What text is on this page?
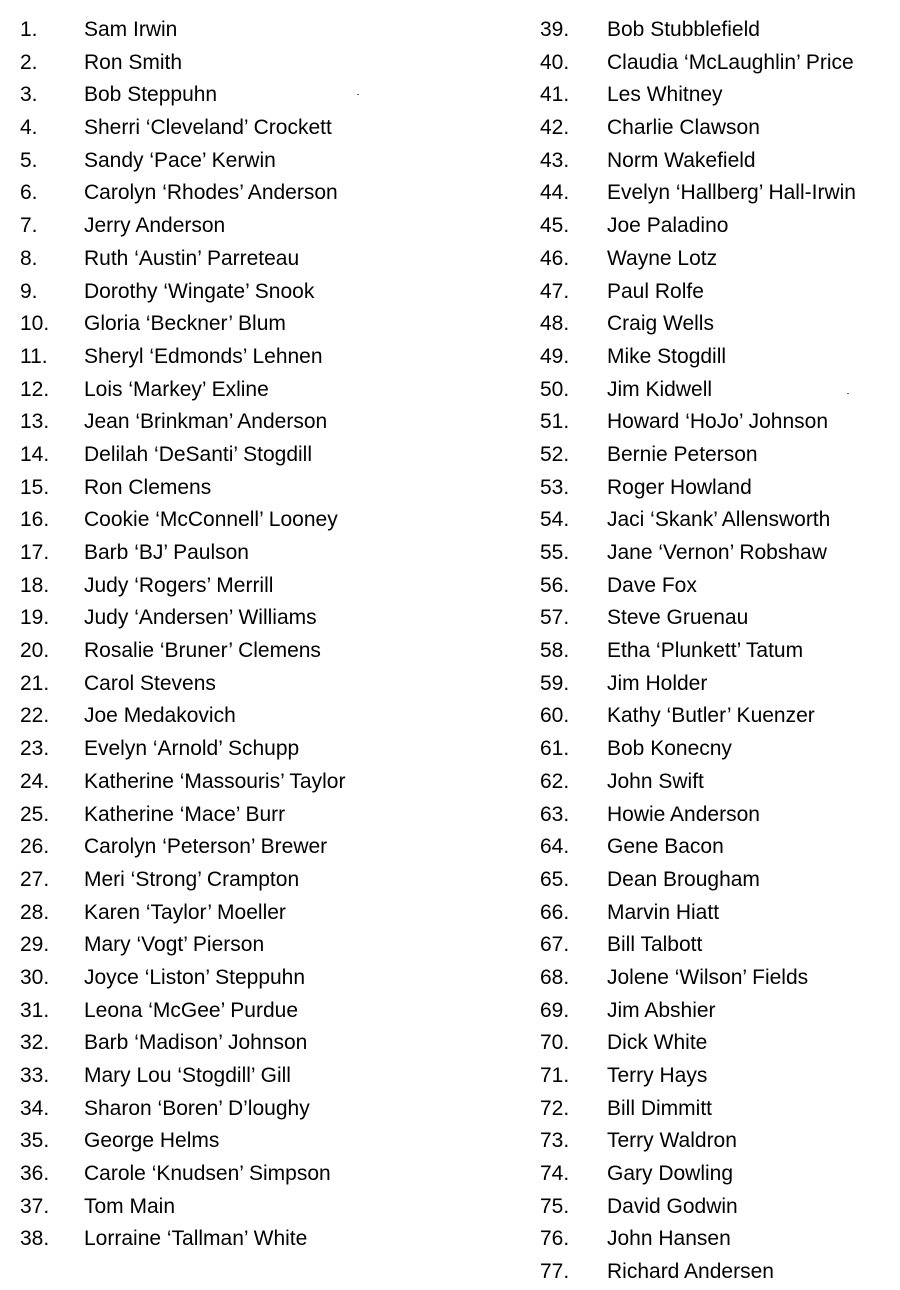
1. Sam Irwin
2. Ron Smith
3. Bob Steppuhn
4. Sherri ‘Cleveland’ Crockett
5. Sandy ‘Pace’ Kerwin
6. Carolyn ‘Rhodes’ Anderson
7. Jerry Anderson
8. Ruth ‘Austin’ Parreteau
9. Dorothy ‘Wingate’ Snook
10. Gloria ‘Beckner’ Blum
11. Sheryl ‘Edmonds’ Lehnen
12. Lois ‘Markey’ Exline
13. Jean ‘Brinkman’ Anderson
14. Delilah ‘DeSanti’ Stogdill
15. Ron Clemens
16. Cookie ‘McConnell’ Looney
17. Barb ‘BJ’ Paulson
18. Judy ‘Rogers’ Merrill
19. Judy ‘Andersen’ Williams
20. Rosalie ‘Bruner’ Clemens
21. Carol Stevens
22. Joe Medakovich
23. Evelyn ‘Arnold’ Schupp
24. Katherine ‘Massouris’ Taylor
25. Katherine ‘Mace’ Burr
26. Carolyn ‘Peterson’ Brewer
27. Meri ‘Strong’ Crampton
28. Karen ‘Taylor’ Moeller
29. Mary ‘Vogt’ Pierson
30. Joyce ‘Liston’ Steppuhn
31. Leona ‘McGee’ Purdue
32. Barb ‘Madison’ Johnson
33. Mary Lou ‘Stogdill’ Gill
34. Sharon ‘Boren’ D’loughy
35. George Helms
36. Carole ‘Knudsen’ Simpson
37. Tom Main
38. Lorraine ‘Tallman’ White
39. Bob Stubblefield
40. Claudia ‘McLaughlin’ Price
41. Les Whitney
42. Charlie Clawson
43. Norm Wakefield
44. Evelyn ‘Hallberg’ Hall-Irwin
45. Joe Paladino
46. Wayne Lotz
47. Paul Rolfe
48. Craig Wells
49. Mike Stogdill
50. Jim Kidwell
51. Howard ‘HoJo’ Johnson
52. Bernie Peterson
53. Roger Howland
54. Jaci ‘Skank’ Allensworth
55. Jane ‘Vernon’ Robshaw
56. Dave Fox
57. Steve Gruenau
58. Etha ‘Plunkett’ Tatum
59. Jim Holder
60. Kathy ‘Butler’ Kuenzer
61. Bob Konecny
62. John Swift
63. Howie Anderson
64. Gene Bacon
65. Dean Brougham
66. Marvin Hiatt
67. Bill Talbott
68. Jolene ‘Wilson’ Fields
69. Jim Abshier
70. Dick White
71. Terry Hays
72. Bill Dimmitt
73. Terry Waldron
74. Gary Dowling
75. David Godwin
76. John Hansen
77. Richard Andersen
